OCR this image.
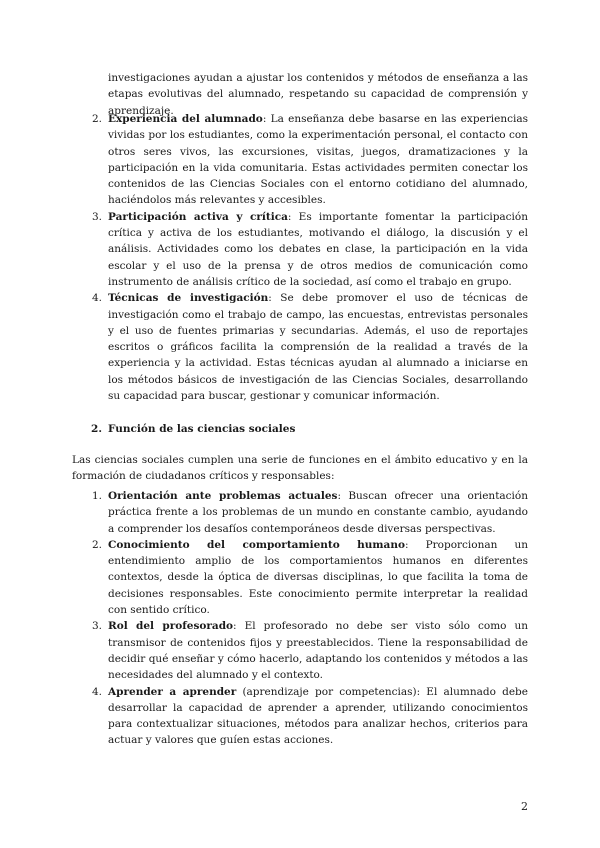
investigaciones ayudan a ajustar los contenidos y métodos de enseñanza a las etapas evolutivas del alumnado, respetando su capacidad de comprensión y aprendizaje.

2. Experiencia del alumnado: La enseñanza debe basarse en las experiencias vividas por los estudiantes, como la experimentación personal, el contacto con otros seres vivos, las excursiones, visitas, juegos, dramatizaciones y la participación en la vida comunitaria. Estas actividades permiten conectar los contenidos de las Ciencias Sociales con el entorno cotidiano del alumnado, haciéndolos más relevantes y accesibles.
3. Participación activa y crítica: Es importante fomentar la participación crítica y activa de los estudiantes, motivando el diálogo, la discusión y el análisis. Actividades como los debates en clase, la participación en la vida escolar y el uso de la prensa y de otros medios de comunicación como instrumento de análisis crítico de la sociedad, así como el trabajo en grupo.
4. Técnicas de investigación: Se debe promover el uso de técnicas de investigación como el trabajo de campo, las encuestas, entrevistas personales y el uso de fuentes primarias y secundarias. Además, el uso de reportajes escritos o gráficos facilita la comprensión de la realidad a través de la experiencia y la actividad. Estas técnicas ayudan al alumnado a iniciarse en los métodos básicos de investigación de las Ciencias Sociales, desarrollando su capacidad para buscar, gestionar y comunicar información.
2. Función de las ciencias sociales

Las ciencias sociales cumplen una serie de funciones en el ámbito educativo y en la formación de ciudadanos críticos y responsables:

1. Orientación ante problemas actuales: Buscan ofrecer una orientación práctica frente a los problemas de un mundo en constante cambio, ayudando a comprender los desafíos contemporáneos desde diversas perspectivas.
2. Conocimiento del comportamiento humano: Proporcionan un entendimiento amplio de los comportamientos humanos en diferentes contextos, desde la óptica de diversas disciplinas, lo que facilita la toma de decisiones responsables. Este conocimiento permite interpretar la realidad con sentido crítico.
3. Rol del profesorado: El profesorado no debe ser visto sólo como un transmisor de contenidos fijos y preestablecidos. Tiene la responsabilidad de decidir qué enseñar y cómo hacerlo, adaptando los contenidos y métodos a las necesidades del alumnado y el contexto.
4. Aprender a aprender (aprendizaje por competencias): El alumnado debe desarrollar la capacidad de aprender a aprender, utilizando conocimientos para contextualizar situaciones, métodos para analizar hechos, criterios para actuar y valores que guíen estas acciones.

2
